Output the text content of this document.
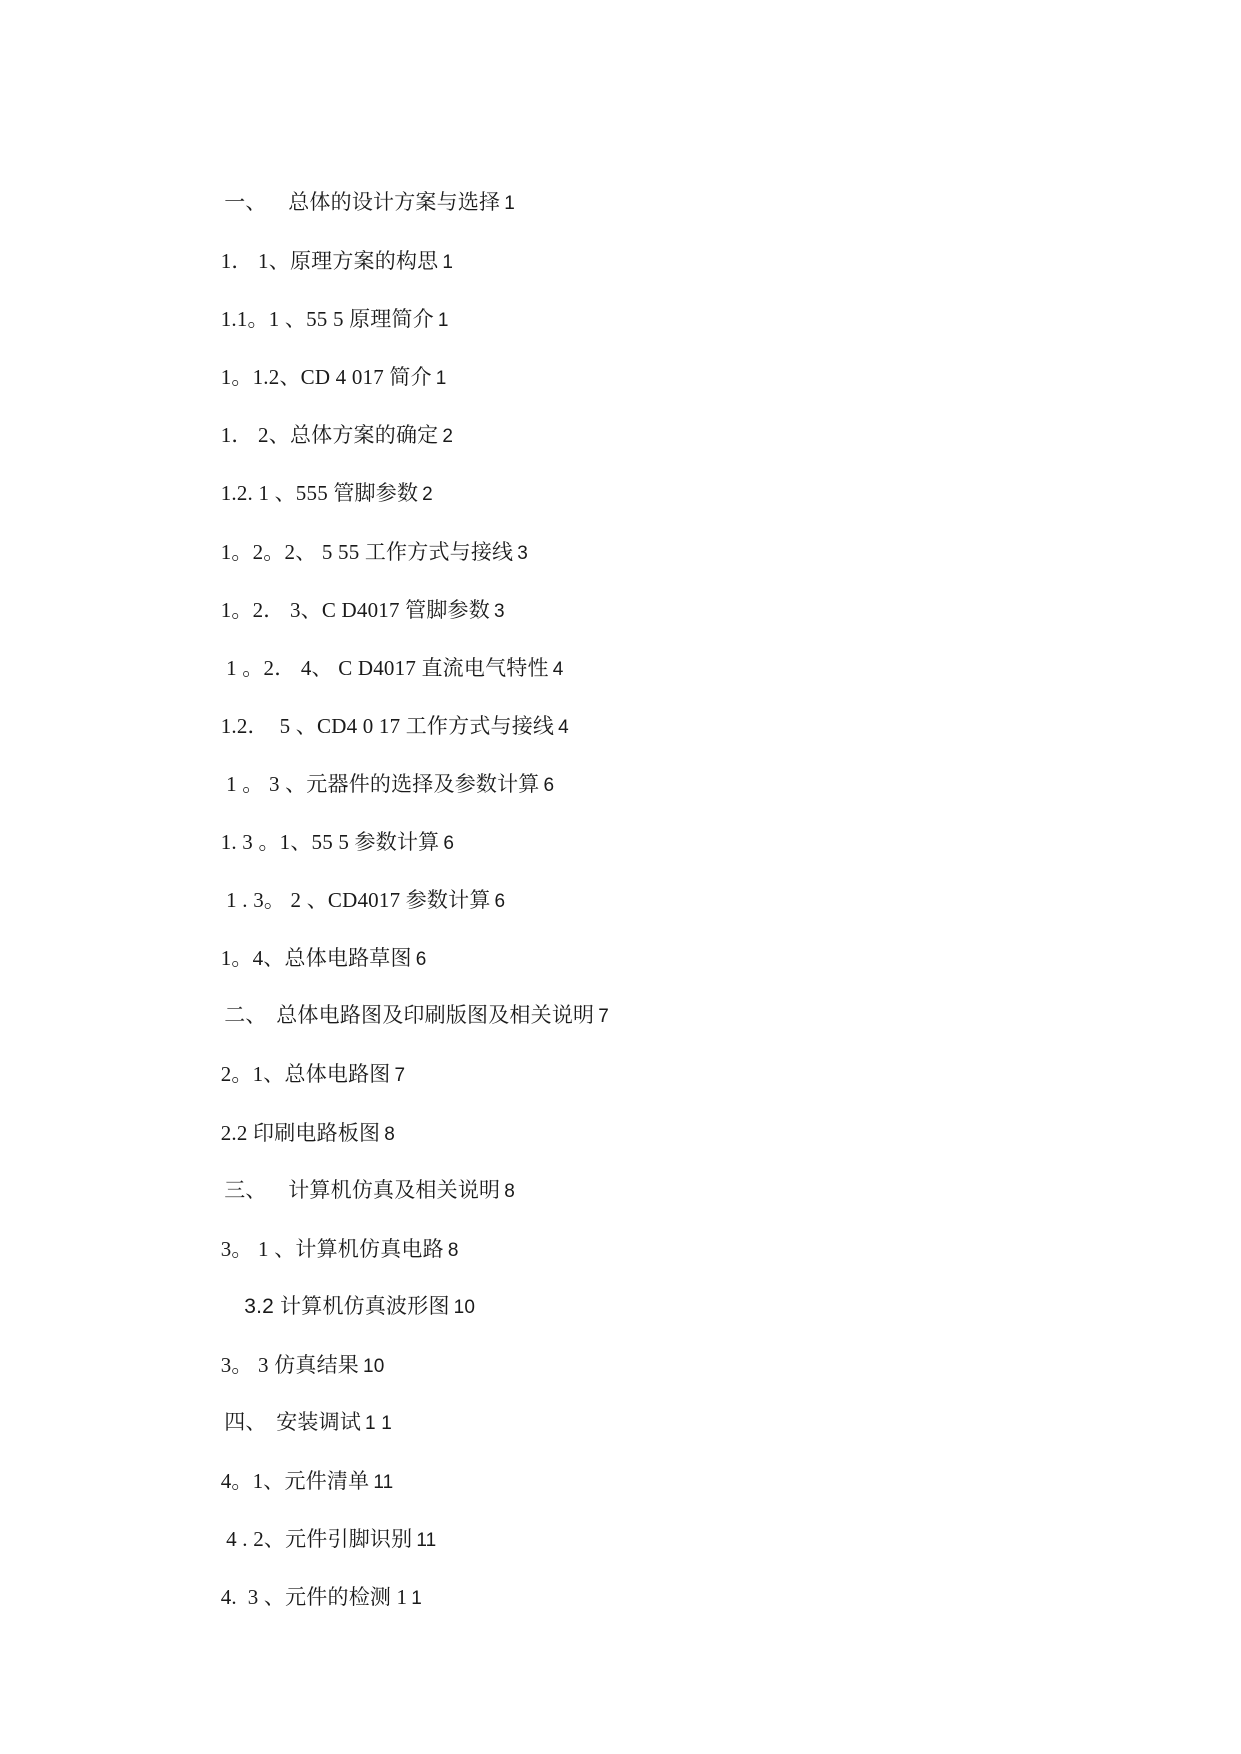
一、 总体的设计方案与选择 1

1． 1、原理方案的构思 1

1.1。1 、55 5 原理简介 1

1。1.2、CD 4 017 简介 1

1． 2、总体方案的确定 2

1.2. 1 、555 管脚参数 2

1。2。2、 5 55 工作方式与接线 3

1。2． 3、C D4017 管脚参数 3

1 。2． 4、 C D4017 直流电气特性 4

1.2．  5 、CD4 0 17 工作方式与接线 4

1 。 3 、元器件的选择及参数计算 6

1. 3 。1、55 5 参数计算 6

1 . 3。 2 、CD4017 参数计算 6

1。4、总体电路草图 6

二、 总体电路图及印刷版图及相关说明 7

2。1、总体电路图 7

2.2 印刷电路板图 8

三、 计算机仿真及相关说明 8

3。 1 、计算机仿真电路 8

3.2 计算机仿真波形图 10

3。 3 仿真结果 10

四、 安装调试 1 1

4。1、元件清单 11

4 . 2、元件引脚识别 11

4.  3 、元件的检测 1 1
